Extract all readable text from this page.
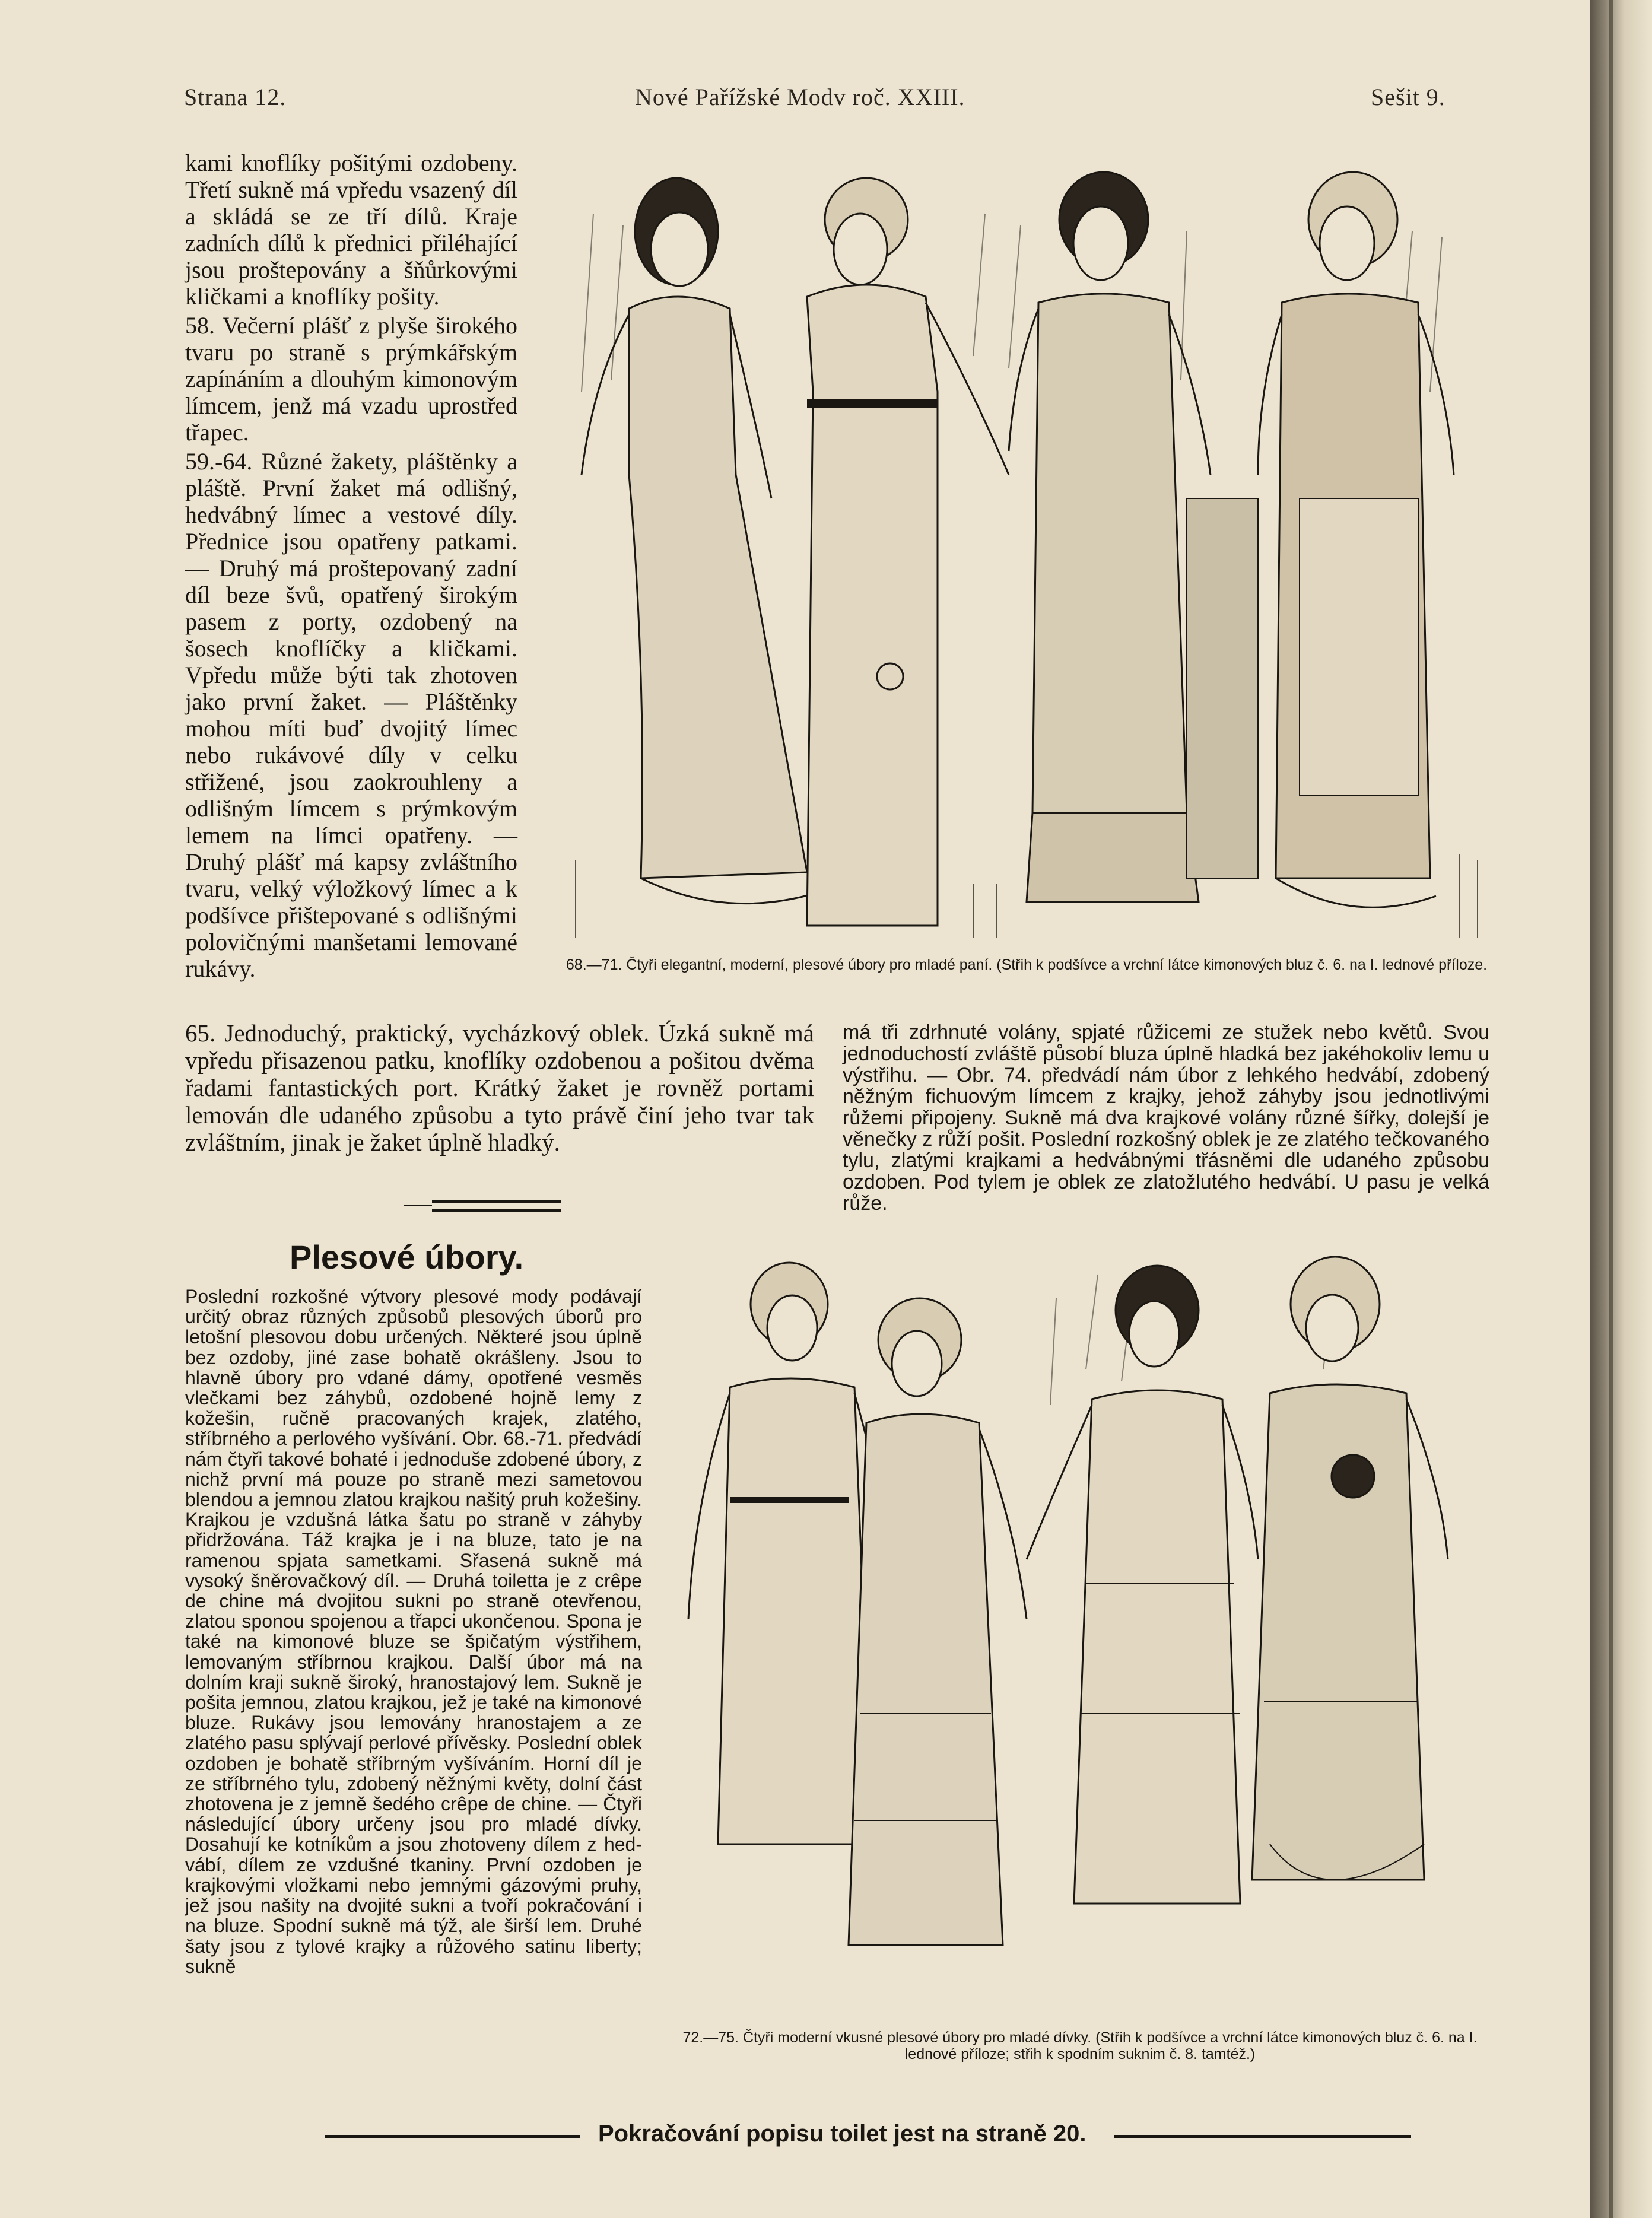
Strana 12.	Nové Pařížské Modv roč. XXIII.	Sešit 9.

kami knoflíky pošitými ozdobeny. Třetí sukně má vpředu vsazený díl a skládá se ze tří dílů. Kraje zadních dílů k přednici přiléhající jsou proštepovány a šňůrkovými kličkami a knoflíky pošity.

58. Večerní plášť z plyše širokého tvaru po straně s prýmkářským zapínáním a dlouhým kimonovým límcem, jenž má vzadu uprostřed třapec.

59.-64. Různé žakety, pláštěnky a pláště. První žaket má odlišný, hedvábný límec a vestové díly. Přednice jsou opatřeny patkami. — Druhý má proštepovaný zadní díl beze švů, opatřený širokým pasem z porty, ozdobený na šosech knoflíčky a kličkami. Vpředu může býti tak zhotoven jako první žaket. — Pláštěnky mohou míti buď dvojitý límec nebo rukávové díly v celku střižené, jsou zaokrouhleny a odlišným límcem s prýmkovým lemem na límci opatřeny. — Druhý plášť má kapsy zvláštního tvaru, velký výložkový límec a k podšívce přištepované s odlišnými polovičnými manšetami lemované rukávy.	68.—71. Čtyři elegantní, moderní, plesové úbory pro mladé paní. (Střih k podšívce a vrchní látce kimonových bluz č. 6. na I. lednové příloze.
65. Jednoduchý, praktický, vycházkový oblek. Úzká sukně má vpředu přisazenou patku, knoflíky ozdobenou a pošitou dvěma řadami fantastických port. Krátký žaket je rovněž portami lemován dle udaného způsobu a tyto právě činí jeho tvar tak zvláštním, jinak je žaket úplně hladký.
má tři zdrhnuté volány, spjaté růžicemi ze stužek nebo květů. Svou jednoduchostí zvláště působí bluza úplně hladká bez jakéhokoliv lemu u výstřihu. — Obr. 74. předvádí nám úbor z lehkého hedvábí, zdobený něžným fichuovým límcem z krajky, jehož záhyby jsou jednotlivými růžemi připojeny. Sukně má dva krajkové volány různé šířky, dolejší je věnečky z růží pošit. Poslední rozkošný oblek je ze zlatého tečkovaného tylu, zlatými krajkami a hedvábnými třásněmi dle udaného způsobu ozdoben. Pod tylem je oblek ze zlatožlutého hedvábí. U pasu je velká růže.
Plesové úbory.
Poslední rozkošné výtvory plesové mody podávají určitý obraz různých způsobů plesových úborů pro letošní plesovou dobu určených. Některé jsou úplně bez ozdoby, jiné zase bohatě okrášleny. Jsou to hlavně úbory pro vdané dámy, opotřené vesměs vlečkami bez záhybů, ozdobené hojně lemy z kožešin, ručně pracovaných krajek, zlatého, stříbrného a perlového vyšívání. Obr. 68.-71. předvádí nám čtyři takové bohaté i jednoduše zdobené úbory, z nichž první má pouze po straně mezi sametovou blendou a jemnou zlatou krajkou našitý pruh kožešiny. Krajkou je vzdušná látka šatu po straně v záhyby přidržována. Táž krajka je i na bluze, tato je na ramenou spjata sametkami. Sřasená sukně má vysoký šněrovačkový díl. — Druhá toiletta je z crêpe de chine má dvojitou sukni po straně otevřenou, zlatou sponou spojenou a třapci ukončenou. Spona je také na kimonové bluze se špičatým výstřihem, lemovaným stříbrnou krajkou. Další úbor má na dolním kraji sukně široký, hranostajový lem. Sukně je pošita jemnou, zlatou krajkou, jež je také na kimonové bluze. Rukávy jsou lemovány hranostajem a ze zlatého pasu splývají perlové přívěsky. Poslední oblek ozdoben je bohatě stříbrným vyšíváním. Horní díl je ze stříbrného tylu, zdobený něžnými květy, dolní část zhotovena je z jemně šedého crêpe de chine. — Čtyři následující úbory určeny jsou pro mladé dívky. Dosahují ke kotníkům a jsou zhotoveny dílem z hedvábí, dílem ze vzdušné tkaniny. První ozdoben je krajkovými vložkami nebo jemnými gázovými pruhy, jež jsou našity na dvojité sukni a tvoří pokračování i na bluze. Spodní sukně má týž, ale širší lem. Druhé šaty jsou z tylové krajky a růžového satinu liberty; sukně
72.—75. Čtyři moderní vkusné plesové úbory pro mladé dívky. (Střih k podšívce a vrchní látce kimonových bluz č. 6. na I. lednové příloze; střih k spodním suknim č. 8. tamtéž.)
Pokračování popisu toilet jest na straně 20.
